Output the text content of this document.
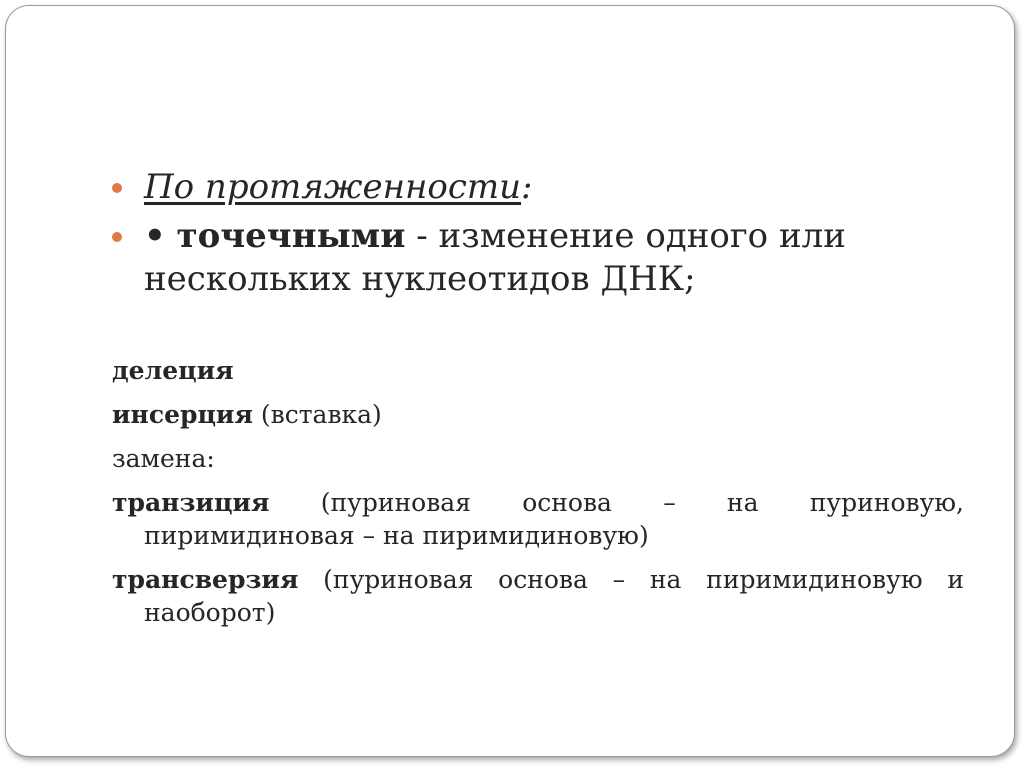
По протяженности:
• точечными - изменение одного или
нескольких нуклеотидов ДНК;
делеция
инсерция (вставка)
замена:
транзиция (пуриновая основа – на пуриновую,
пиримидиновая – на пиримидиновую)
трансверзия (пуриновая основа – на пиримидиновую и
наоборот)
